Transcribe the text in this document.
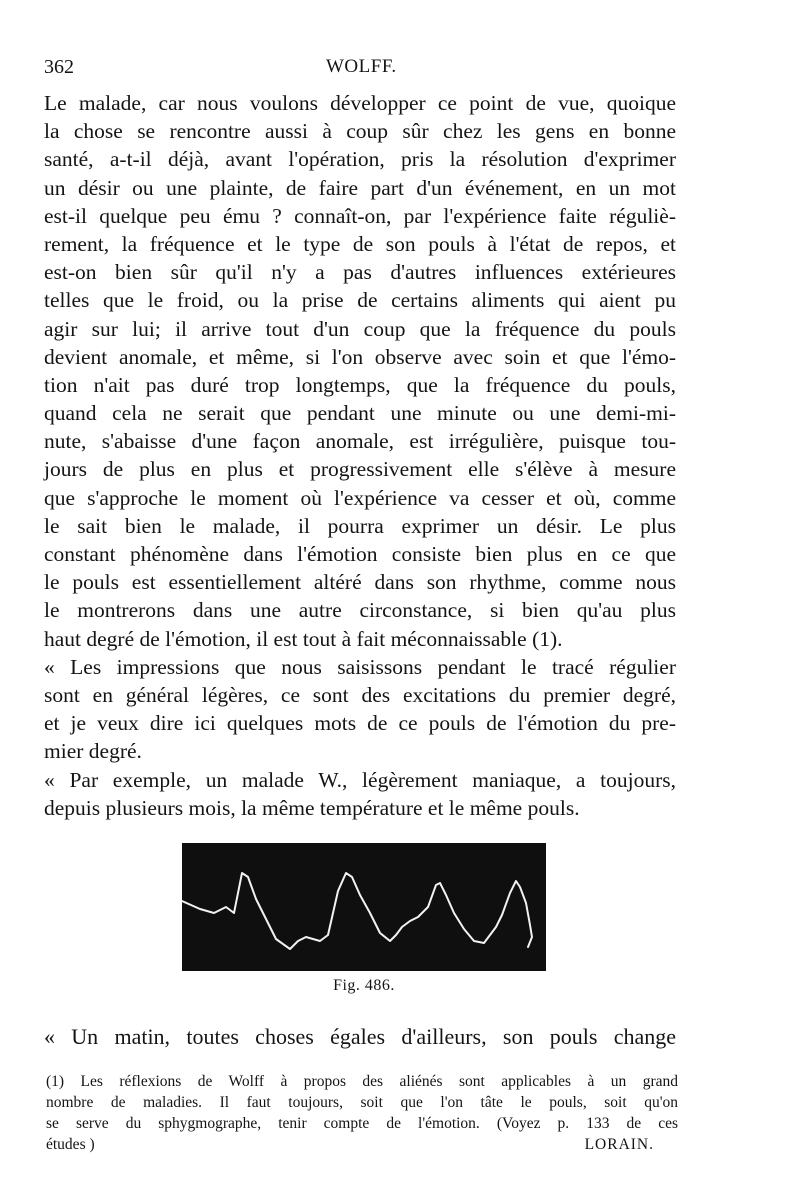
362	WOLFF.
Le malade, car nous voulons développer ce point de vue, quoique
la chose se rencontre aussi à coup sûr chez les gens en bonne
santé, a-t-il déjà, avant l'opération, pris la résolution d'exprimer
un désir ou une plainte, de faire part d'un événement, en un mot
est-il quelque peu ému ? connaît-on, par l'expérience faite réguliè-
rement, la fréquence et le type de son pouls à l'état de repos, et
est-on bien sûr qu'il n'y a pas d'autres influences extérieures
telles que le froid, ou la prise de certains aliments qui aient pu
agir sur lui; il arrive tout d'un coup que la fréquence du pouls
devient anomale, et même, si l'on observe avec soin et que l'émo-
tion n'ait pas duré trop longtemps, que la fréquence du pouls,
quand cela ne serait que pendant une minute ou une demi-mi-
nute, s'abaisse d'une façon anomale, est irrégulière, puisque tou-
jours de plus en plus et progressivement elle s'élève à mesure
que s'approche le moment où l'expérience va cesser et où, comme
le sait bien le malade, il pourra exprimer un désir. Le plus
constant phénomène dans l'émotion consiste bien plus en ce que
le pouls est essentiellement altéré dans son rhythme, comme nous
le montrerons dans une autre circonstance, si bien qu'au plus
haut degré de l'émotion, il est tout à fait méconnaissable (1).
« Les impressions que nous saisissons pendant le tracé régulier
sont en général légères, ce sont des excitations du premier degré,
et je veux dire ici quelques mots de ce pouls de l'émotion du pre-
mier degré.
« Par exemple, un malade W., légèrement maniaque, a toujours,
depuis plusieurs mois, la même température et le même pouls.
Fig. 486.
« Un matin, toutes choses égales d'ailleurs, son pouls change
(1) Les réflexions de Wolff à propos des aliénés sont applicables à un grand
nombre de maladies. Il faut toujours, soit que l'on tâte le pouls, soit qu'on
se serve du sphygmographe, tenir compte de l'émotion. (Voyez p. 133 de ces
études )	LORAIN.
